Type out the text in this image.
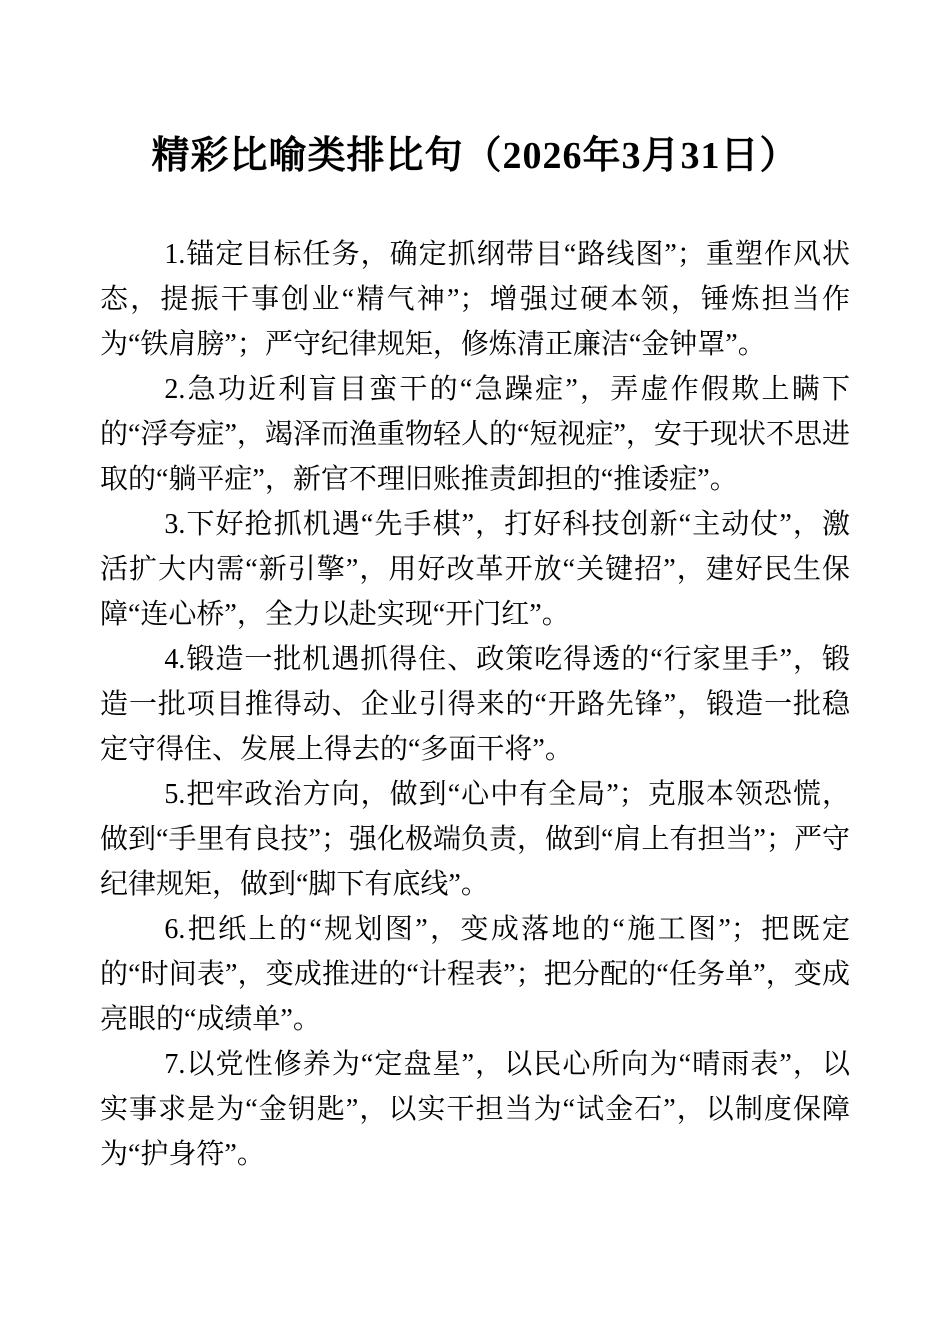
精彩比喻类排比句（2026年3月31日）

1.锚定目标任务，确定抓纲带目“路线图”；重塑作风状态，提振干事创业“精气神”；增强过硬本领，锤炼担当作为“铁肩膀”；严守纪律规矩，修炼清正廉洁“金钟罩”。

2.急功近利盲目蛮干的“急躁症”，弄虚作假欺上瞒下的“浮夸症”，竭泽而渔重物轻人的“短视症”，安于现状不思进取的“躺平症”，新官不理旧账推责卸担的“推诿症”。

3.下好抢抓机遇“先手棋”，打好科技创新“主动仗”，激活扩大内需“新引擎”，用好改革开放“关键招”，建好民生保障“连心桥”，全力以赴实现“开门红”。

4.锻造一批机遇抓得住、政策吃得透的“行家里手”，锻造一批项目推得动、企业引得来的“开路先锋”，锻造一批稳定守得住、发展上得去的“多面干将”。

5.把牢政治方向，做到“心中有全局”；克服本领恐慌，做到“手里有良技”；强化极端负责，做到“肩上有担当”；严守纪律规矩，做到“脚下有底线”。

6.把纸上的“规划图”，变成落地的“施工图”；把既定的“时间表”，变成推进的“计程表”；把分配的“任务单”，变成亮眼的“成绩单”。

7.以党性修养为“定盘星”，以民心所向为“晴雨表”，以实事求是为“金钥匙”，以实干担当为“试金石”，以制度保障为“护身符”。
